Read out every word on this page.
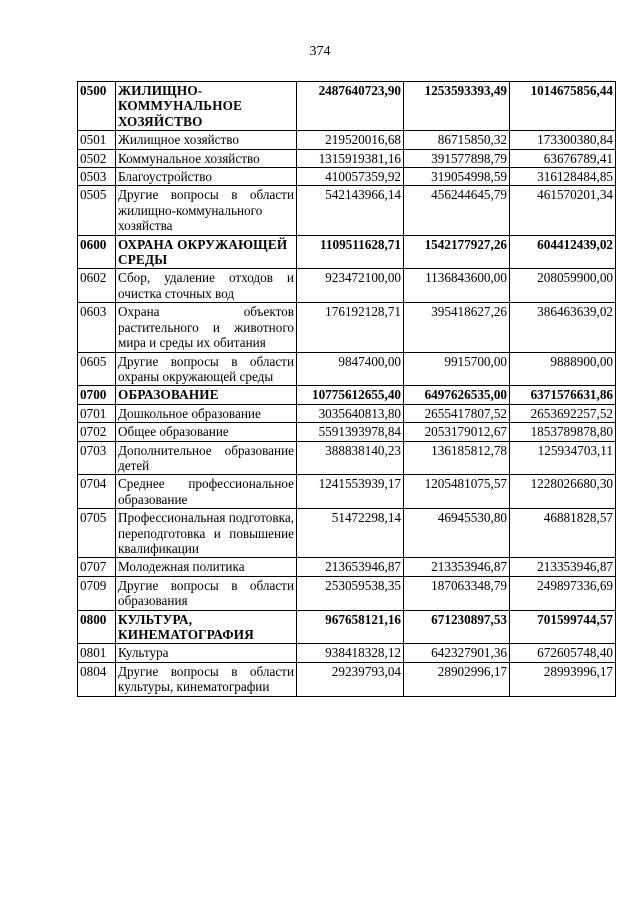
374
0500	ЖИЛИЩНО-КОММУНАЛЬНОЕ ХОЗЯЙСТВО	2487640723,90	1253593393,49	1014675856,44
0501	Жилищное хозяйство	219520016,68	86715850,32	173300380,84
0502	Коммунальное хозяйство	1315919381,16	391577898,79	63676789,41
0503	Благоустройство	410057359,92	319054998,59	316128484,85
0505	Другие вопросы в области жилищно-коммунального хозяйства	542143966,14	456244645,79	461570201,34
0600	ОХРАНА ОКРУЖАЮЩЕЙ СРЕДЫ	1109511628,71	1542177927,26	604412439,02
0602	Сбор, удаление отходов и очистка сточных вод	923472100,00	1136843600,00	208059900,00
0603	Охрана объектов растительного и животного мира и среды их обитания	176192128,71	395418627,26	386463639,02
0605	Другие вопросы в области охраны окружающей среды	9847400,00	9915700,00	9888900,00
0700	ОБРАЗОВАНИЕ	10775612655,40	6497626535,00	6371576631,86
0701	Дошкольное образование	3035640813,80	2655417807,52	2653692257,52
0702	Общее образование	5591393978,84	2053179012,67	1853789878,80
0703	Дополнительное образование детей	388838140,23	136185812,78	125934703,11
0704	Среднее профессиональное образование	1241553939,17	1205481075,57	1228026680,30
0705	Профессиональная подготовка, переподготовка и повышение квалификации	51472298,14	46945530,80	46881828,57
0707	Молодежная политика	213653946,87	213353946,87	213353946,87
0709	Другие вопросы в области образования	253059538,35	187063348,79	249897336,69
0800	КУЛЬТУРА, КИНЕМАТОГРАФИЯ	967658121,16	671230897,53	701599744,57
0801	Культура	938418328,12	642327901,36	672605748,40
0804	Другие вопросы в области культуры, кинематографии	29239793,04	28902996,17	28993996,17
